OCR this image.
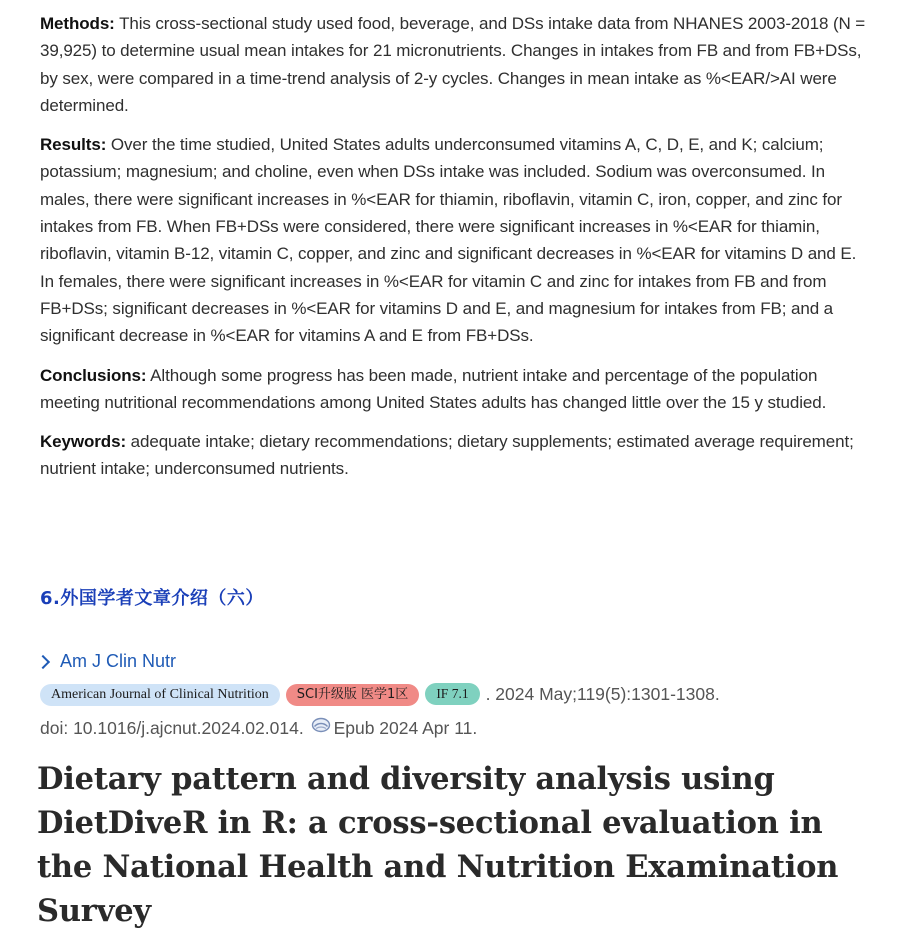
Methods: This cross-sectional study used food, beverage, and DSs intake data from NHANES 2003-2018 (N = 39,925) to determine usual mean intakes for 21 micronutrients. Changes in intakes from FB and from FB+DSs, by sex, were compared in a time-trend analysis of 2-y cycles. Changes in mean intake as %<EAR/>AI were determined.

Results: Over the time studied, United States adults underconsumed vitamins A, C, D, E, and K; calcium; potassium; magnesium; and choline, even when DSs intake was included. Sodium was overconsumed. In males, there were significant increases in %<EAR for thiamin, riboflavin, vitamin C, iron, copper, and zinc for intakes from FB. When FB+DSs were considered, there were significant increases in %<EAR for thiamin, riboflavin, vitamin B-12, vitamin C, copper, and zinc and significant decreases in %<EAR for vitamins D and E. In females, there were significant increases in %<EAR for vitamin C and zinc for intakes from FB and from FB+DSs; significant decreases in %<EAR for vitamins D and E, and magnesium for intakes from FB; and a significant decrease in %<EAR for vitamins A and E from FB+DSs.

Conclusions: Although some progress has been made, nutrient intake and percentage of the population meeting nutritional recommendations among United States adults has changed little over the 15 y studied.

Keywords: adequate intake; dietary recommendations; dietary supplements; estimated average requirement; nutrient intake; underconsumed nutrients.

6.外国学者文章介绍（六）
Am J Clin Nutr
American Journal of Clinical Nutrition SCI升级版 医学1区 IF 7.1 . 2024 May;119(5):1301-1308.
doi: 10.1016/j.ajcnut.2024.02.014. Epub 2024 Apr 11.
Dietary pattern and diversity analysis using DietDiveR in R: a cross-sectional evaluation in the National Health and Nutrition Examination Survey
